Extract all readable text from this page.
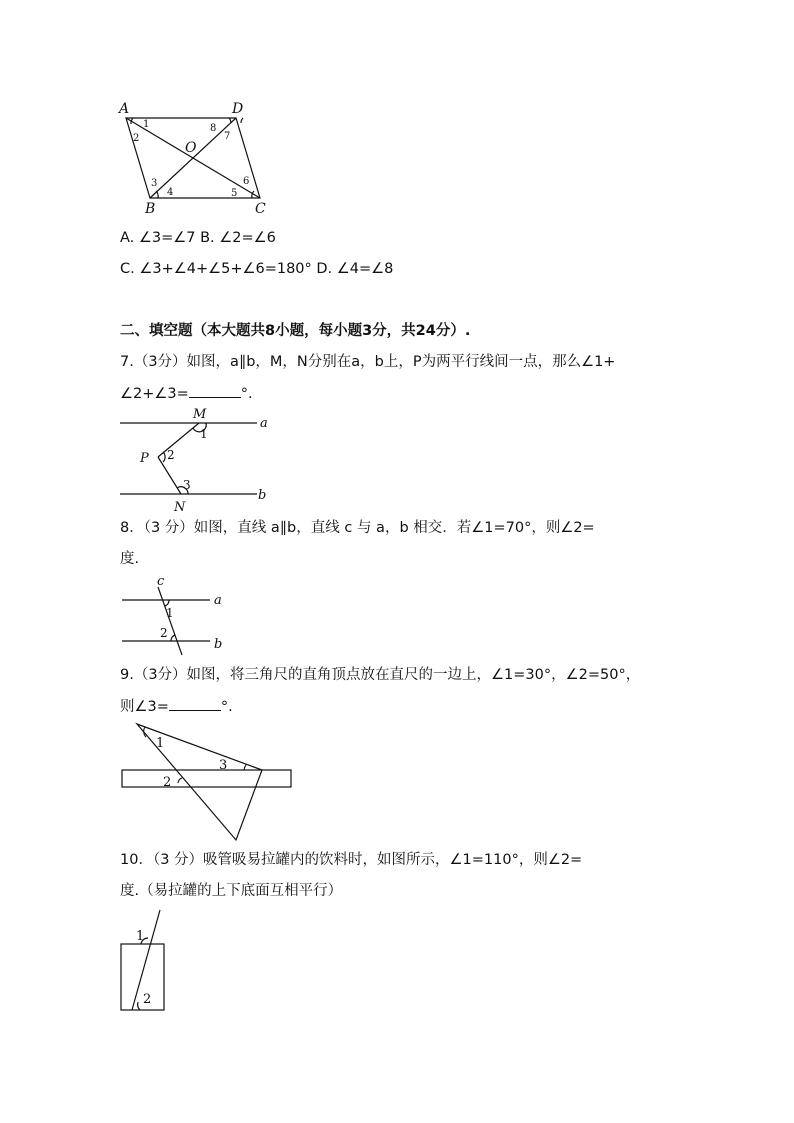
A	D
O
B	C
1
2
3
4	5
6
7
8
A. ∠3=∠7 B. ∠2=∠6
C. ∠3+∠4+∠5+∠6=180° D. ∠4=∠8
二、填空题（本大题共8小题，每小题3分，共24分）.
7.（3分）如图，a∥b，M，N分别在a，b上，P为两平行线间一点，那么∠1+
∠2+∠3=	°.
M
1
a
P 2
3
b
N
8．（3 分）如图，直线 a∥b，直线 c 与 a，b 相交．若∠1=70°，则∠2=
度.
c
a
1
2
b
9.（3分）如图，将三角尺的直角顶点放在直尺的一边上，∠1=30°，∠2=50°，
则∠3=	°.
1
3
2
10．（3 分）吸管吸易拉罐内的饮料时，如图所示，∠1=110°，则∠2=
度.（易拉罐的上下底面互相平行）
1
2
